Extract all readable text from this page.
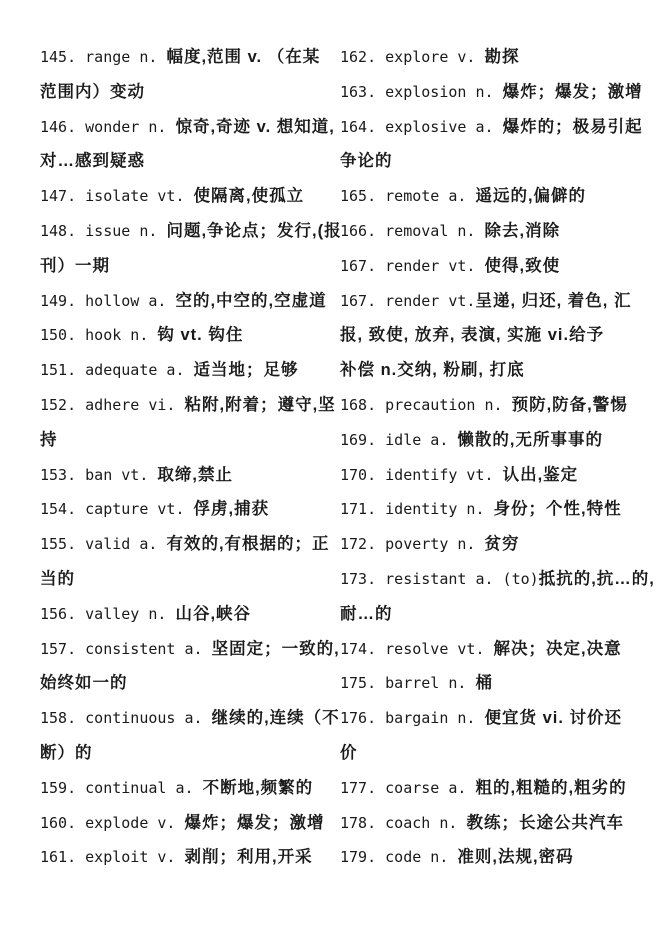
145. range n. 幅度,范围 v. （在某
范围内）变动
146. wonder n. 惊奇,奇迹 v. 想知道,
对…感到疑惑
147. isolate vt. 使隔离,使孤立
148. issue n. 问题,争论点；发行,(报
刊）一期
149. hollow a. 空的,中空的,空虚道
150. hook n. 钩 vt. 钩住
151. adequate a. 适当地；足够
152. adhere vi. 粘附,附着；遵守,坚
持
153. ban vt. 取缔,禁止
154. capture vt. 俘虏,捕获
155. valid a. 有效的,有根据的；正
当的
156. valley n. 山谷,峡谷
157. consistent a. 坚固定；一致的,
始终如一的
158. continuous a. 继续的,连续（不
断）的
159. continual a. 不断地,频繁的
160. explode v. 爆炸；爆发；激增
161. exploit v. 剥削；利用,开采
162. explore v. 勘探
163. explosion n. 爆炸；爆发；激增
164. explosive a. 爆炸的；极易引起
争论的
165. remote a. 遥远的,偏僻的
166. removal n. 除去,消除
167. render vt. 使得,致使
167. render vt.呈递, 归还, 着色, 汇
报, 致使, 放弃, 表演, 实施 vi.给予
补偿 n.交纳, 粉刷, 打底
168. precaution n. 预防,防备,警惕
169. idle a. 懒散的,无所事事的
170. identify vt. 认出,鉴定
171. identity n. 身份；个性,特性
172. poverty n. 贫穷
173. resistant a. (to)抵抗的,抗…的,
耐…的
174. resolve vt. 解决；决定,决意
175. barrel n. 桶
176. bargain n. 便宜货 vi. 讨价还
价
177. coarse a. 粗的,粗糙的,粗劣的
178. coach n. 教练；长途公共汽车
179. code n. 准则,法规,密码
